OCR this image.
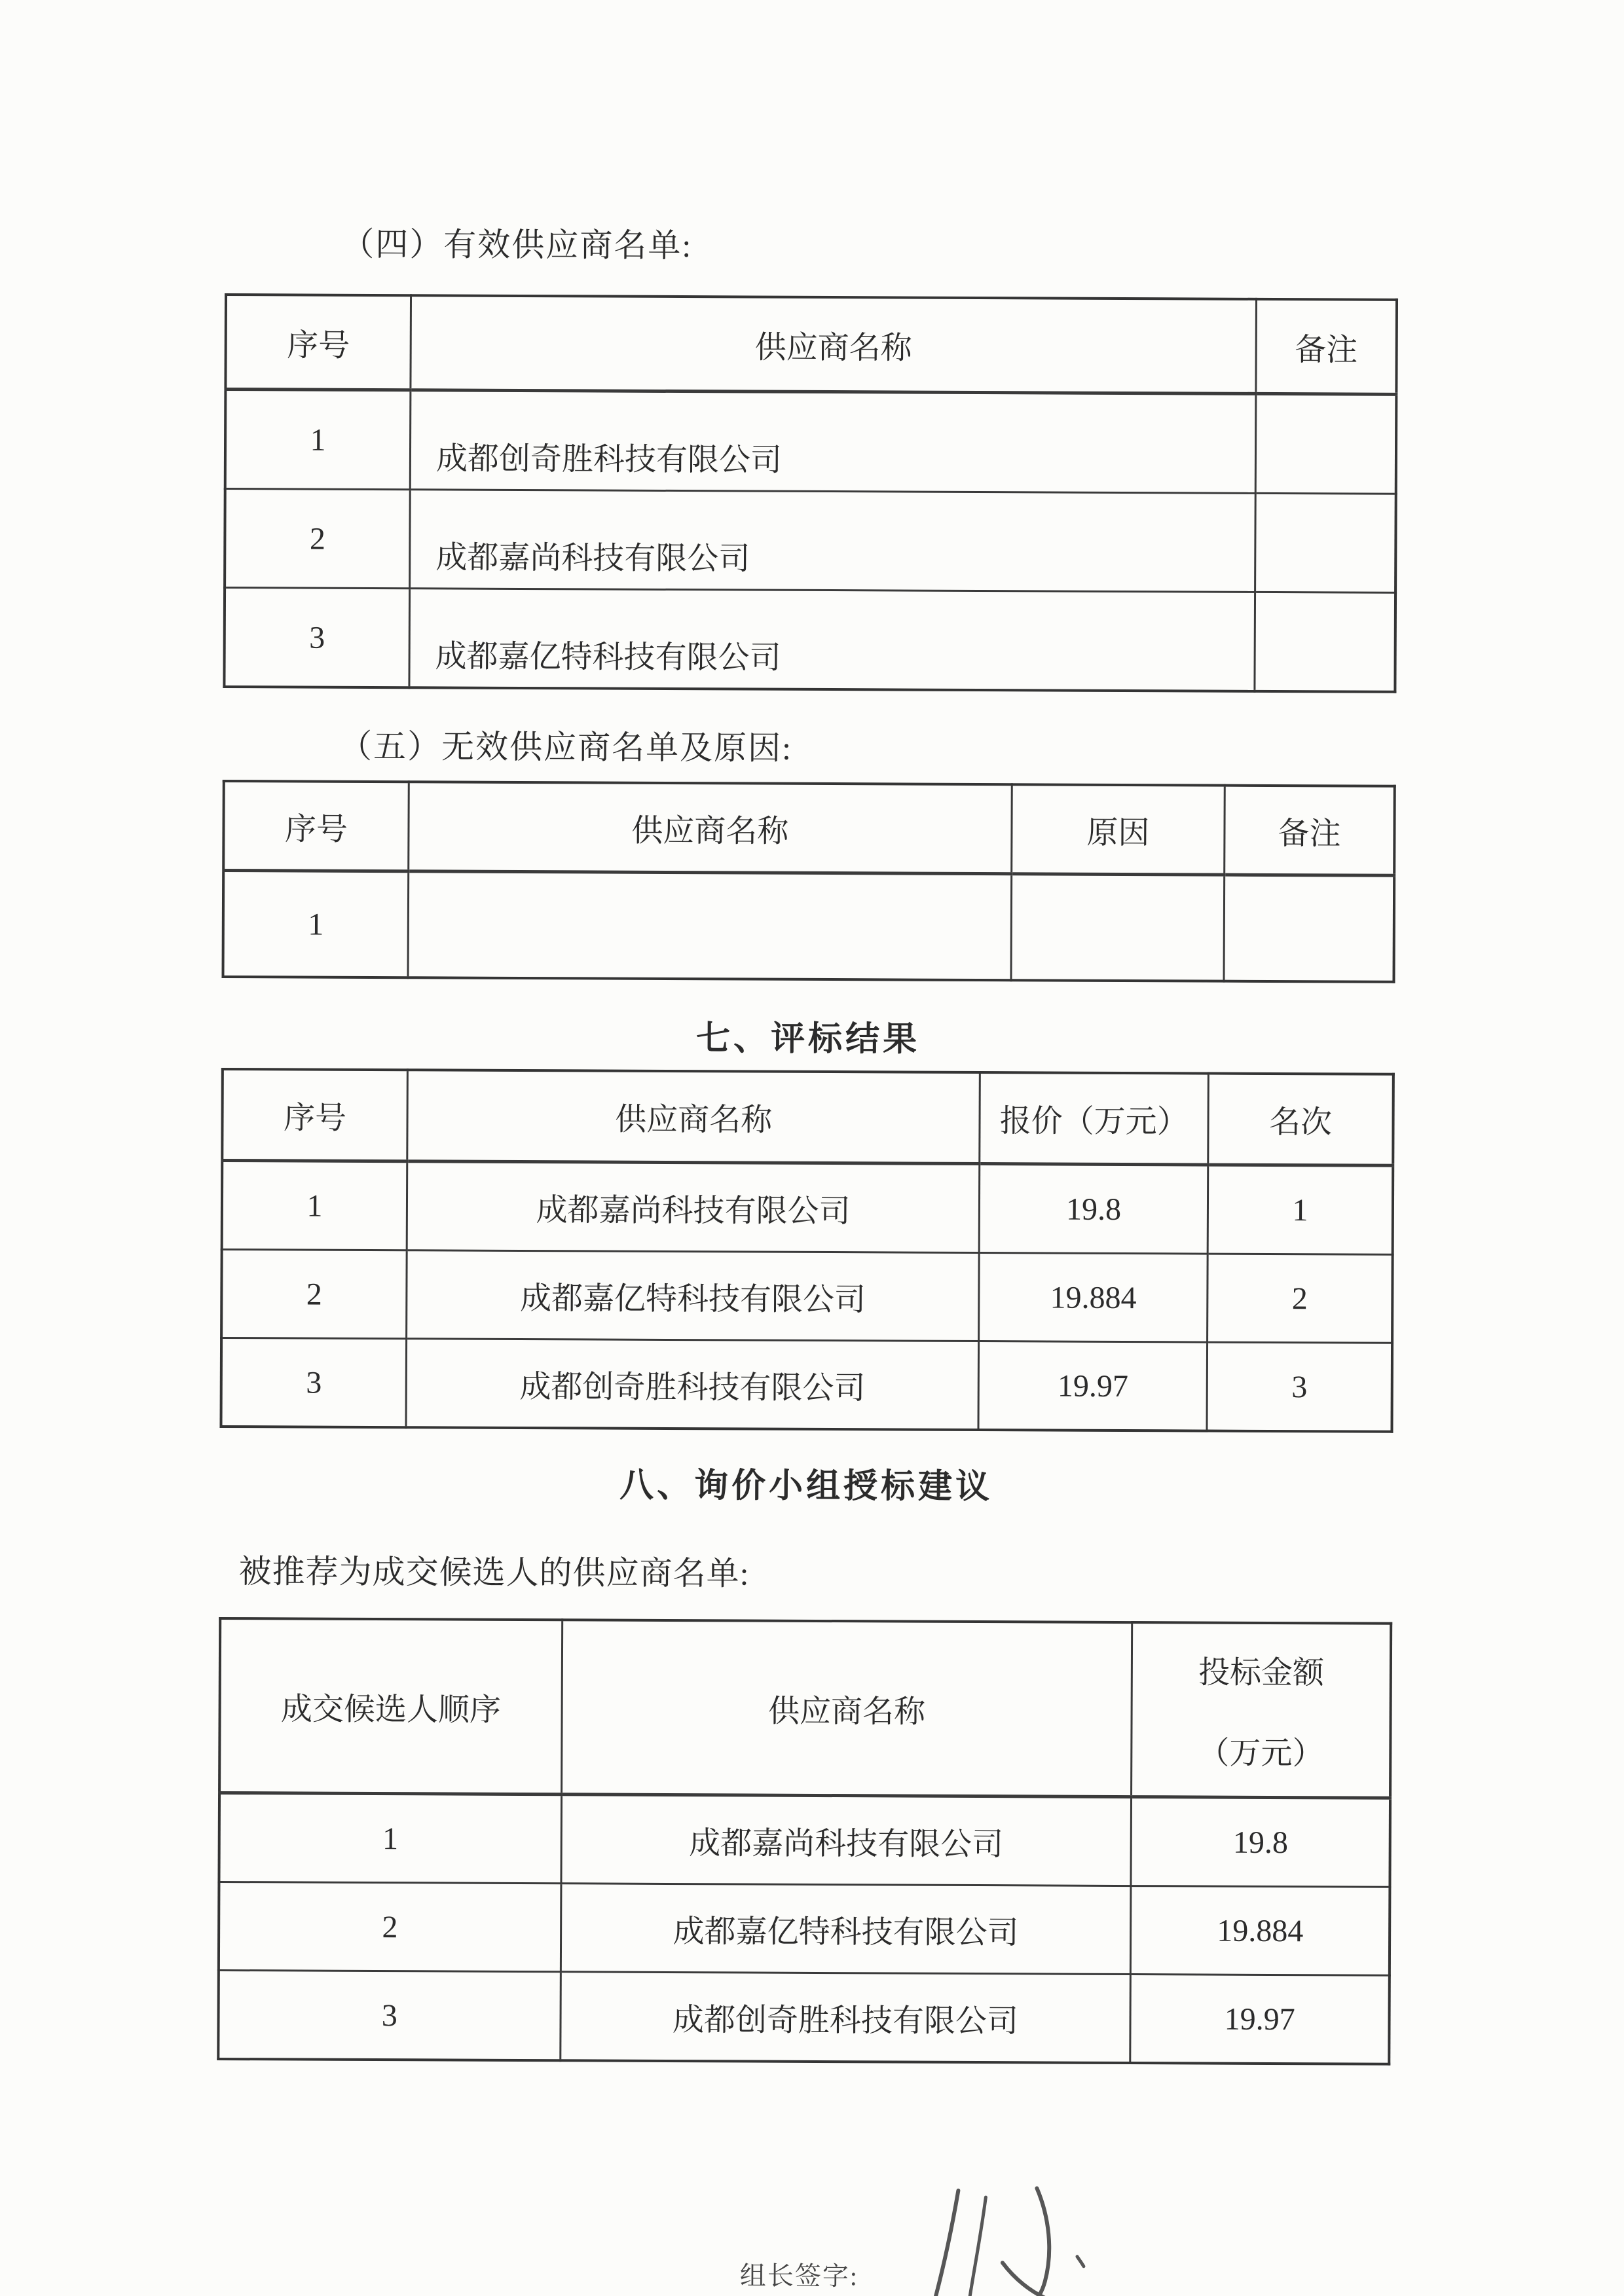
（四）有效供应商名单:

序号	供应商名称	备注
1	成都创奇胜科技有限公司	
2	成都嘉尚科技有限公司	
3	成都嘉亿特科技有限公司	

（五）无效供应商名单及原因:

序号	供应商名称	原因	备注
1			

七、评标结果

序号	供应商名称	报价（万元）	名次
1	成都嘉尚科技有限公司	19.8	1
2	成都嘉亿特科技有限公司	19.884	2
3	成都创奇胜科技有限公司	19.97	3

八、询价小组授标建议

被推荐为成交候选人的供应商名单:

成交候选人顺序	供应商名称	投标金额
（万元）

1	成都嘉尚科技有限公司	19.8
2	成都嘉亿特科技有限公司	19.884
3	成都创奇胜科技有限公司	19.97
组长签字:
